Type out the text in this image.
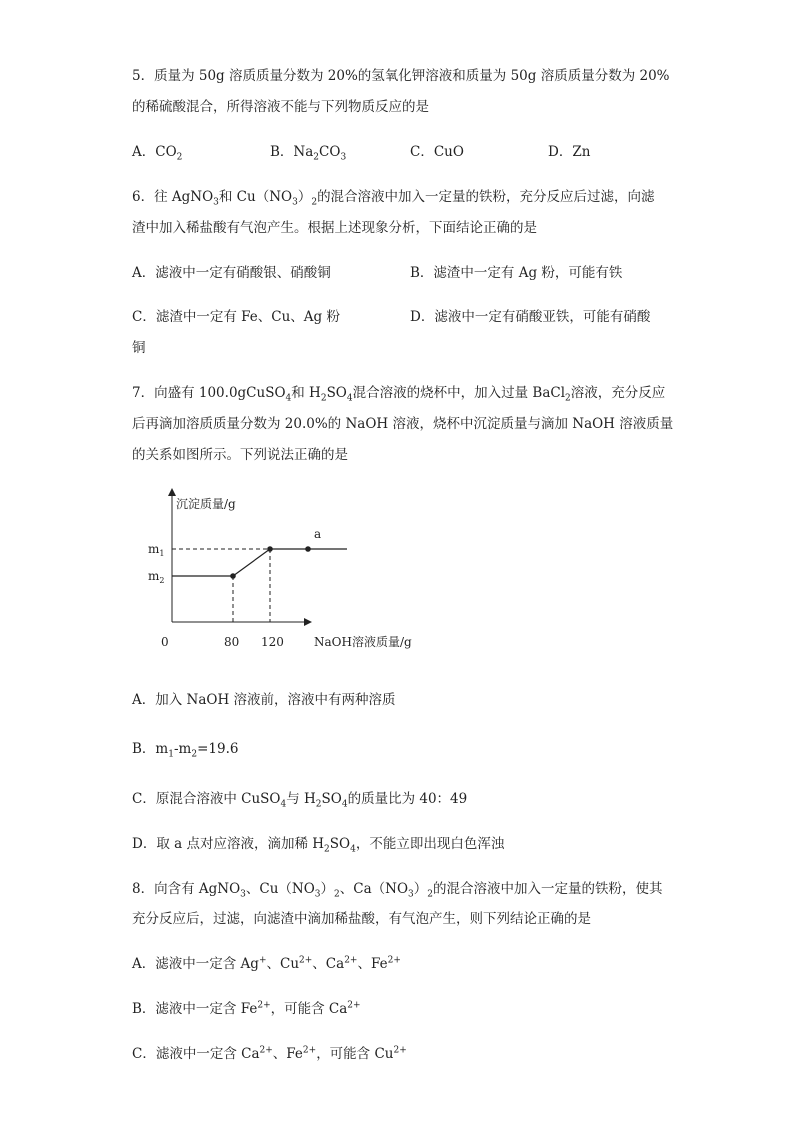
5．质量为 50g 溶质质量分数为 20%的氢氧化钾溶液和质量为 50g 溶质质量分数为 20%
的稀硫酸混合，所得溶液不能与下列物质反应的是
A．$CO_2$	B．$Na_2CO_3$	C．CuO	D．Zn
6．往 AgNO$_3$和 $Cu(NO_3)_2$的混合溶液中加入一定量的铁粉，充分反应后过滤，向滤
渣中加入稀盐酸有气泡产生。根据上述现象分析，下面结论正确的是
A．滤液中一定有硝酸银、硝酸铜	B．滤渣中一定有 Ag 粉，可能有铁
C．滤渣中一定有 Fe、Cu、Ag 粉	D．滤液中一定有硝酸亚铁，可能有硝酸
铜
7．向盛有 100.0gCuSO$_4$和 $H_2SO_4$混合溶液的烧杯中，加入过量 BaCl$_2$溶液，充分反应
后再滴加溶质质量分数为 20.0%的 NaOH 溶液，烧杯中沉淀质量与滴加 NaOH 溶液质量
的关系如图所示。下列说法正确的是
沉淀质量/g
NaOH溶液质量/g
0	80 120
$m_1$
$m_2$
a
A．加入 NaOH 溶液前，溶液中有两种溶质
B．$m_1-m_2=19.6$
C．原混合溶液中 CuSO$_4$与 $H_2SO_4$的质量比为 40：49
D．取 a 点对应溶液，滴加稀 $H_2SO_4$，不能立即出现白色浑浊
8．向含有 AgNO$_3$、$Cu(NO_3)_2$、$Ca(NO_3)_2$的混合溶液中加入一定量的铁粉，使其
充分反应后，过滤，向滤渣中滴加稀盐酸，有气泡产生，则下列结论正确的是
A．滤液中一定含 Ag+、$Cu^{2+}$、$Ca^{2+}$、$Fe^{2+}$
B．滤液中一定含 $Fe^{2+}$，可能含 $Ca^{2+}$
C．滤液中一定含 $Ca^{2+}$、$Fe^{2+}$，可能含 $Cu^{2+}$
